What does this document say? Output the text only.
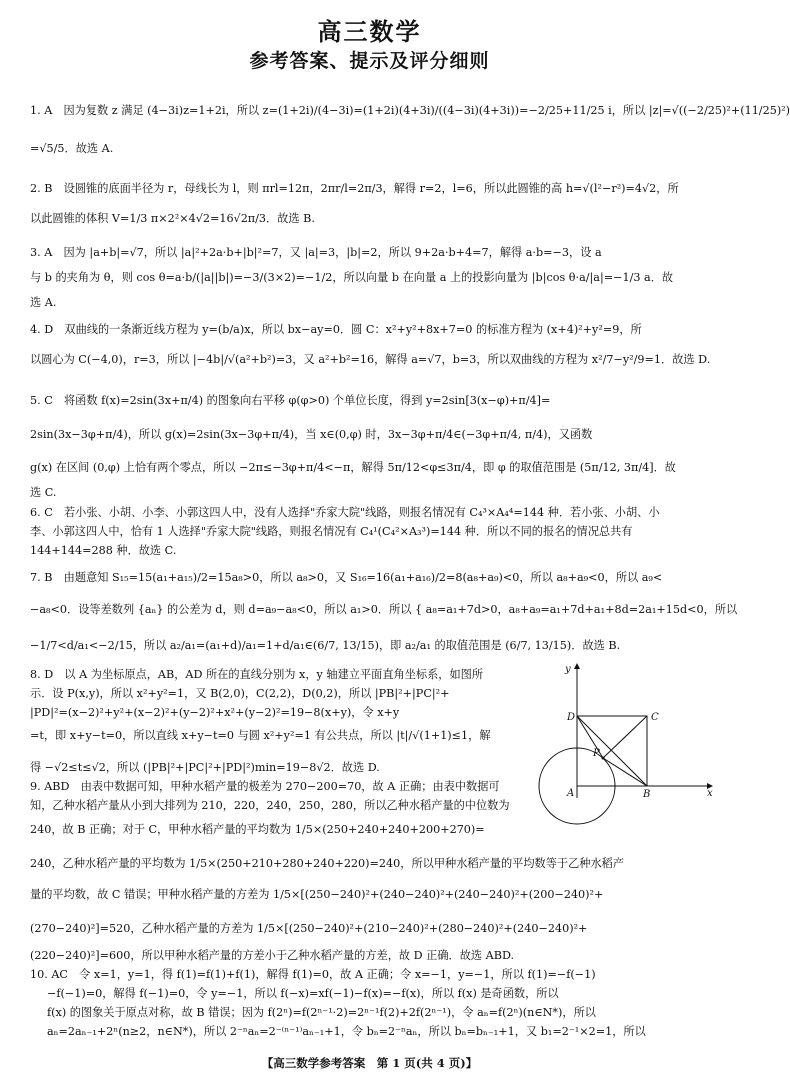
高三数学
参考答案、提示及评分细则
1. A　因为复数 z 满足 (4−3i)z=1+2i，所以 z=(1+2i)/(4−3i)=(1+2i)(4+3i)/((4−3i)(4+3i))=−2/25+11/25 i，所以 |z|=√((−2/25)²+(11/25)²)
=√5/5．故选 A.
2. B　设圆锥的底面半径为 r，母线长为 l，则 πrl=12π，2πr/l=2π/3，解得 r=2，l=6，所以此圆锥的高 h=√(l²−r²)=4√2，所
以此圆锥的体积 V=1/3 π×2²×4√2=16√2π/3．故选 B.
3. A　因为 |a+b|=√7，所以 |a|²+2a·b+|b|²=7，又 |a|=3，|b|=2，所以 9+2a·b+4=7，解得 a·b=−3，设 a
与 b 的夹角为 θ，则 cos θ=a·b/(|a||b|)=−3/(3×2)=−1/2，所以向量 b 在向量 a 上的投影向量为 |b|cos θ·a/|a|=−1/3 a．故
选 A.
4. D　双曲线的一条渐近线方程为 y=(b/a)x，所以 bx−ay=0．圆 C：x²+y²+8x+7=0 的标准方程为 (x+4)²+y²=9，所
以圆心为 C(−4,0)，r=3，所以 |−4b|/√(a²+b²)=3，又 a²+b²=16，解得 a=√7，b=3，所以双曲线的方程为 x²/7−y²/9=1．故选 D.
5. C　将函数 f(x)=2sin(3x+π/4) 的图象向右平移 φ(φ>0) 个单位长度，得到 y=2sin[3(x−φ)+π/4]=
2sin(3x−3φ+π/4)，所以 g(x)=2sin(3x−3φ+π/4)，当 x∈(0,φ) 时，3x−3φ+π/4∈(−3φ+π/4, π/4)，又函数
g(x) 在区间 (0,φ) 上恰有两个零点，所以 −2π≤−3φ+π/4<−π，解得 5π/12<φ≤3π/4，即 φ 的取值范围是 (5π/12, 3π/4]．故
选 C.
6. C　若小张、小胡、小李、小郭这四人中，没有人选择"乔家大院"线路，则报名情况有 C₄³×A₄⁴=144 种．若小张、小胡、小
李、小郭这四人中，恰有 1 人选择"乔家大院"线路，则报名情况有 C₄¹(C₄²×A₃³)=144 种．所以不同的报名的情况总共有
144+144=288 种．故选 C.
7. B　由题意知 S₁₅=15(a₁+a₁₅)/2=15a₈>0，所以 a₈>0，又 S₁₆=16(a₁+a₁₆)/2=8(a₈+a₉)<0，所以 a₈+a₉<0，所以 a₉<
−a₈<0．设等差数列 {aₙ} 的公差为 d，则 d=a₉−a₈<0，所以 a₁>0．所以 { a₈=a₁+7d>0，a₈+a₉=a₁+7d+a₁+8d=2a₁+15d<0，所以
−1/7<d/a₁<−2/15，所以 a₂/a₁=(a₁+d)/a₁=1+d/a₁∈(6/7, 13/15)，即 a₂/a₁ 的取值范围是 (6/7, 13/15)．故选 B.
8. D　以 A 为坐标原点，AB，AD 所在的直线分别为 x，y 轴建立平面直角坐标系，如图所
示．设 P(x,y)，所以 x²+y²=1，又 B(2,0)，C(2,2)，D(0,2)，所以 |PB|²+|PC|²+
|PD|²=(x−2)²+y²+(x−2)²+(y−2)²+x²+(y−2)²=19−8(x+y)，令 x+y
=t，即 x+y−t=0，所以直线 x+y−t=0 与圆 x²+y²=1 有公共点，所以 |t|/√(1+1)≤1，解
得 −√2≤t≤√2，所以 (|PB|²+|PC|²+|PD|²)min=19−8√2．故选 D.
9. ABD　由表中数据可知，甲种水稻产量的极差为 270−200=70，故 A 正确；由表中数据可
知，乙种水稻产量从小到大排列为 210，220，240，250，280，所以乙种水稻产量的中位数为
240，故 B 正确；对于 C，甲种水稻产量的平均数为 1/5×(250+240+240+200+270)=
240，乙种水稻产量的平均数为 1/5×(250+210+280+240+220)=240，所以甲种水稻产量的平均数等于乙种水稻产
量的平均数，故 C 错误；甲种水稻产量的方差为 1/5×[(250−240)²+(240−240)²+(240−240)²+(200−240)²+
(270−240)²]=520，乙种水稻产量的方差为 1/5×[(250−240)²+(210−240)²+(280−240)²+(240−240)²+
(220−240)²]=600，所以甲种水稻产量的方差小于乙种水稻产量的方差，故 D 正确．故选 ABD.
10. AC　令 x=1，y=1，得 f(1)=f(1)+f(1)，解得 f(1)=0，故 A 正确；令 x=−1，y=−1，所以 f(1)=−f(−1)
−f(−1)=0，解得 f(−1)=0，令 y=−1，所以 f(−x)=xf(−1)−f(x)=−f(x)，所以 f(x) 是奇函数，所以
f(x) 的图象关于原点对称，故 B 错误；因为 f(2ⁿ)=f(2ⁿ⁻¹·2)=2ⁿ⁻¹f(2)+2f(2ⁿ⁻¹)，令 aₙ=f(2ⁿ)(n∈N*)，所以
aₙ=2aₙ₋₁+2ⁿ(n≥2，n∈N*)，所以 2⁻ⁿaₙ=2⁻⁽ⁿ⁻¹⁾aₙ₋₁+1，令 bₙ=2⁻ⁿaₙ，所以 bₙ=bₙ₋₁+1，又 b₁=2⁻¹×2=1，所以
D	C
A	B
P
x
y
【高三数学参考答案　第 1 页(共 4 页)】
